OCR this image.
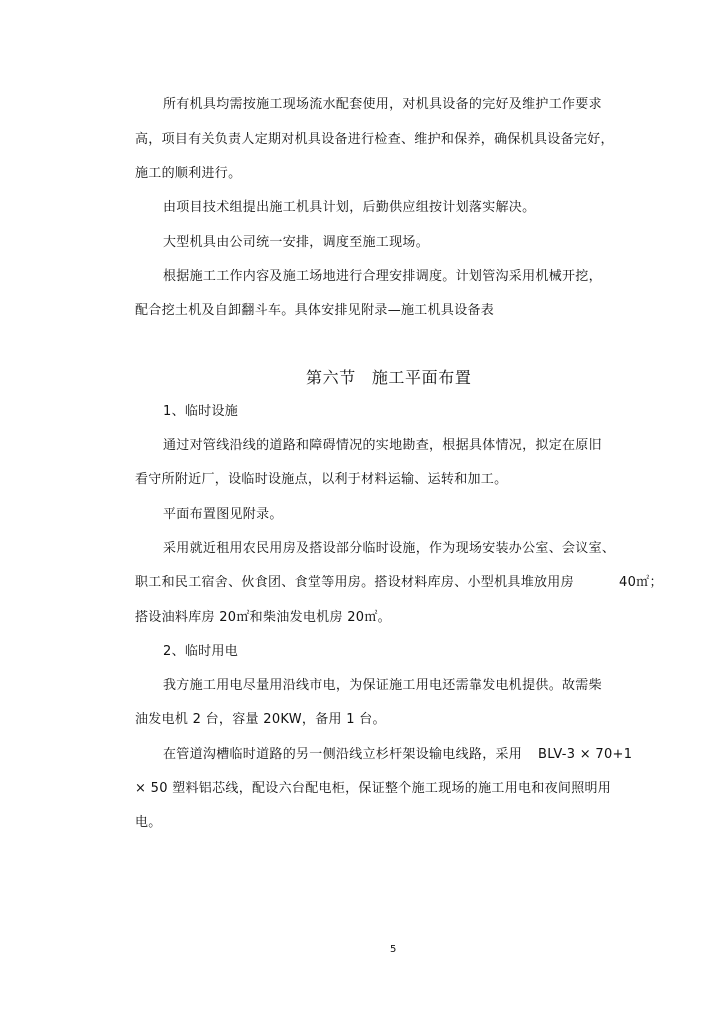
所有机具均需按施工现场流水配套使用，对机具设备的完好及维护工作要求
高，项目有关负责人定期对机具设备进行检查、维护和保养，确保机具设备完好，
施工的顺利进行。
由项目技术组提出施工机具计划，后勤供应组按计划落实解决。
大型机具由公司统一安排，调度至施工现场。
根据施工工作内容及施工场地进行合理安排调度。计划管沟采用机械开挖，
配合挖土机及自卸翻斗车。具体安排见附录—施工机具设备表
第六节 施工平面布置
1、临时设施
通过对管线沿线的道路和障碍情况的实地勘查，根据具体情况，拟定在原旧
看守所附近厂，设临时设施点，以利于材料运输、运转和加工。
平面布置图见附录。
采用就近租用农民用房及搭设部分临时设施，作为现场安装办公室、会议室、
职工和民工宿舍、伙食团、食堂等用房。搭设材料库房、小型机具堆放用房	40㎡；
搭设油料库房 20㎡和柴油发电机房 20㎡。
2、临时用电
我方施工用电尽量用沿线市电，为保证施工用电还需靠发电机提供。故需柴
油发电机 2 台，容量 20KW，备用 1 台。
在管道沟槽临时道路的另一侧沿线立杉杆架设输电线路，采用 BLV-3 × 70+1
× 50 塑料铝芯线，配设六台配电柜，保证整个施工现场的施工用电和夜间照明用
电。
5
